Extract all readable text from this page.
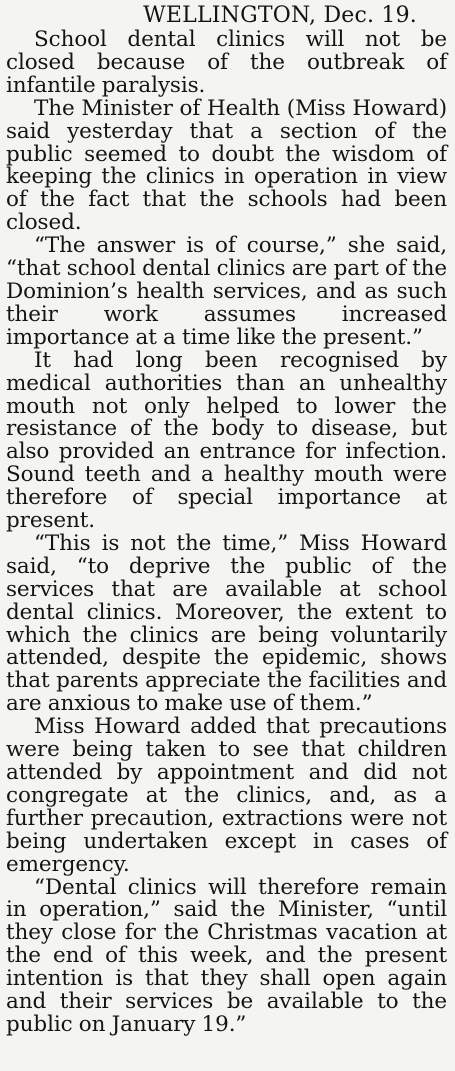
WELLINGTON, Dec. 19.

School dental clinics will not be closed because of the outbreak of infantile paralysis.

The Minister of Health (Miss Howard) said yesterday that a section of the public seemed to doubt the wisdom of keeping the clinics in operation in view of the fact that the schools had been closed.

“The answer is of course,” she said, “that school dental clinics are part of the Dominion’s health services, and as such their work assumes increased importance at a time like the present.”

It had long been recognised by medical authorities than an unhealthy mouth not only helped to lower the resistance of the body to disease, but also provided an entrance for infection. Sound teeth and a healthy mouth were therefore of special importance at present.

“This is not the time,” Miss Howard said, “to deprive the public of the services that are available at school dental clinics. Moreover, the extent to which the clinics are being voluntarily attended, despite the epidemic, shows that parents appreciate the facilities and are anxious to make use of them.”

Miss Howard added that precautions were being taken to see that children attended by appointment and did not congregate at the clinics, and, as a further precaution, extractions were not being undertaken except in cases of emergency.

“Dental clinics will therefore remain in operation,” said the Minister, “until they close for the Christmas vacation at the end of this week, and the present intention is that they shall open again and their services be available to the public on January 19.”
